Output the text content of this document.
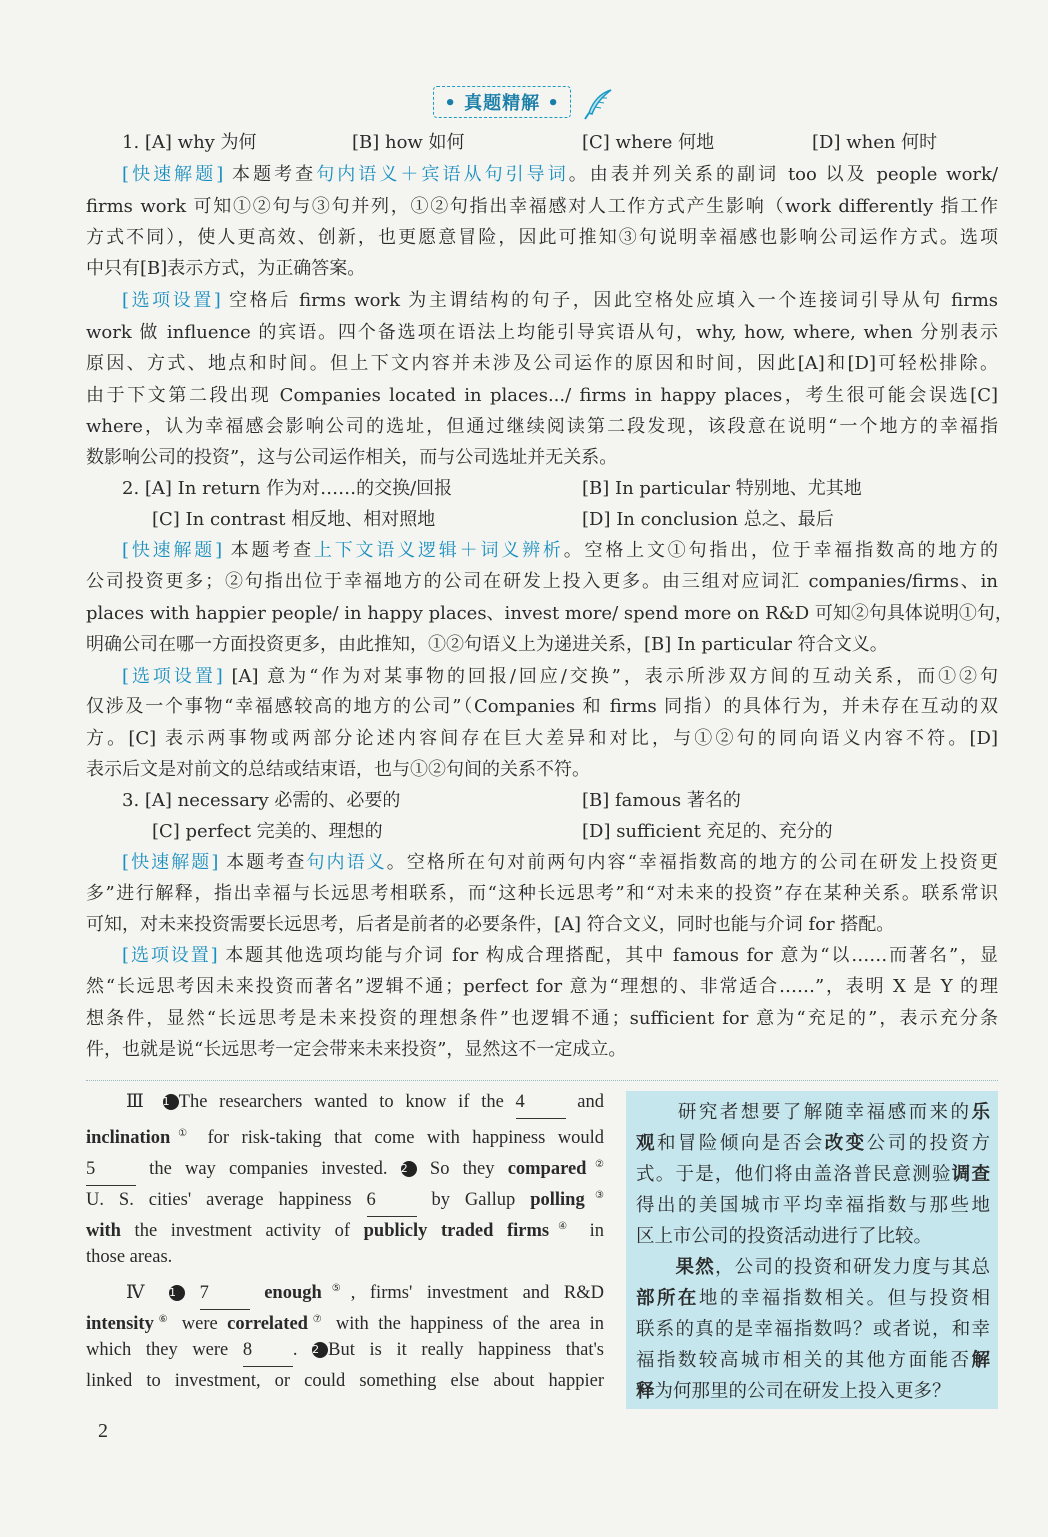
• 真题精解 •
1. [A] why 为何	[B] how 如何	[C] where 何地	[D] when 何时
[快速解题] 本题考查句内语义＋宾语从句引导词。由表并列关系的副词 too 以及 people work/
firms work 可知①②句与③句并列，①②句指出幸福感对人工作方式产生影响（work differently 指工作
方式不同），使人更高效、创新，也更愿意冒险，因此可推知③句说明幸福感也影响公司运作方式。选项
中只有[B]表示方式，为正确答案。
[选项设置] 空格后 firms work 为主谓结构的句子，因此空格处应填入一个连接词引导从句 firms
work 做 influence 的宾语。四个备选项在语法上均能引导宾语从句，why, how, where, when 分别表示
原因、方式、地点和时间。但上下文内容并未涉及公司运作的原因和时间，因此[A]和[D]可轻松排除。
由于下文第二段出现 Companies located in places.../ firms in happy places，考生很可能会误选[C]
where，认为幸福感会影响公司的选址，但通过继续阅读第二段发现，该段意在说明“一个地方的幸福指
数影响公司的投资”，这与公司运作相关，而与公司选址并无关系。
2. [A] In return 作为对……的交换/回报	[B] In particular 特别地、尤其地
[C] In contrast 相反地、相对照地	[D] In conclusion 总之、最后
[快速解题] 本题考查上下文语义逻辑＋词义辨析。空格上文①句指出，位于幸福指数高的地方的
公司投资更多；②句指出位于幸福地方的公司在研发上投入更多。由三组对应词汇 companies/firms、in
places with happier people/ in happy places、invest more/ spend more on R&D 可知②句具体说明①句，
明确公司在哪一方面投资更多，由此推知，①②句语义上为递进关系，[B] In particular 符合文义。
[选项设置] [A] 意为“作为对某事物的回报/回应/交换”，表示所涉双方间的互动关系，而①②句
仅涉及一个事物“幸福感较高的地方的公司”（Companies 和 firms 同指）的具体行为，并未存在互动的双
方。[C] 表示两事物或两部分论述内容间存在巨大差异和对比，与①②句的同向语义内容不符。[D]
表示后文是对前文的总结或结束语，也与①②句间的关系不符。
3. [A] necessary 必需的、必要的	[B] famous 著名的
[C] perfect 完美的、理想的	[D] sufficient 充足的、充分的
[快速解题] 本题考查句内语义。空格所在句对前两句内容“幸福指数高的地方的公司在研发上投资更
多”进行解释，指出幸福与长远思考相联系，而“这种长远思考”和“对未来的投资”存在某种关系。联系常识
可知，对未来投资需要长远思考，后者是前者的必要条件，[A] 符合文义，同时也能与介词 for 搭配。
[选项设置] 本题其他选项均能与介词 for 构成合理搭配，其中 famous for 意为“以……而著名”，显
然“长远思考因未来投资而著名”逻辑不通；perfect for 意为“理想的、非常适合……”，表明 X 是 Y 的理
想条件，显然“长远思考是未来投资的理想条件”也逻辑不通；sufficient for 意为“充足的”，表示充分条
件，也就是说“长远思考一定会带来未来投资”，显然这不一定成立。
Ⅲ 1 The researchers wanted to know if the 4 and
inclination① for risk-taking that come with happiness would
5 the way companies invested. 2 So they compared②
U. S. cities' average happiness 6 by Gallup polling③
with the investment activity of publicly traded firms④ in
those areas.
Ⅳ 1 7	enough⑤, firms' investment and R&D
intensity⑥ were correlated⑦ with the happiness of the area in
which they were 8 . 2 But is it really happiness that's
linked to investment, or could something else about happier
　　研究者想要了解随幸福感而来的乐
观和冒险倾向是否会改变公司的投资方
式。于是，他们将由盖洛普民意测验调查
得出的美国城市平均幸福指数与那些地
区上市公司的投资活动进行了比较。
　　果然，公司的投资和研发力度与其总
部所在地的幸福指数相关。但与投资相
联系的真的是幸福指数吗？或者说，和幸
福指数较高城市相关的其他方面能否解
释为何那里的公司在研发上投入更多？
2
